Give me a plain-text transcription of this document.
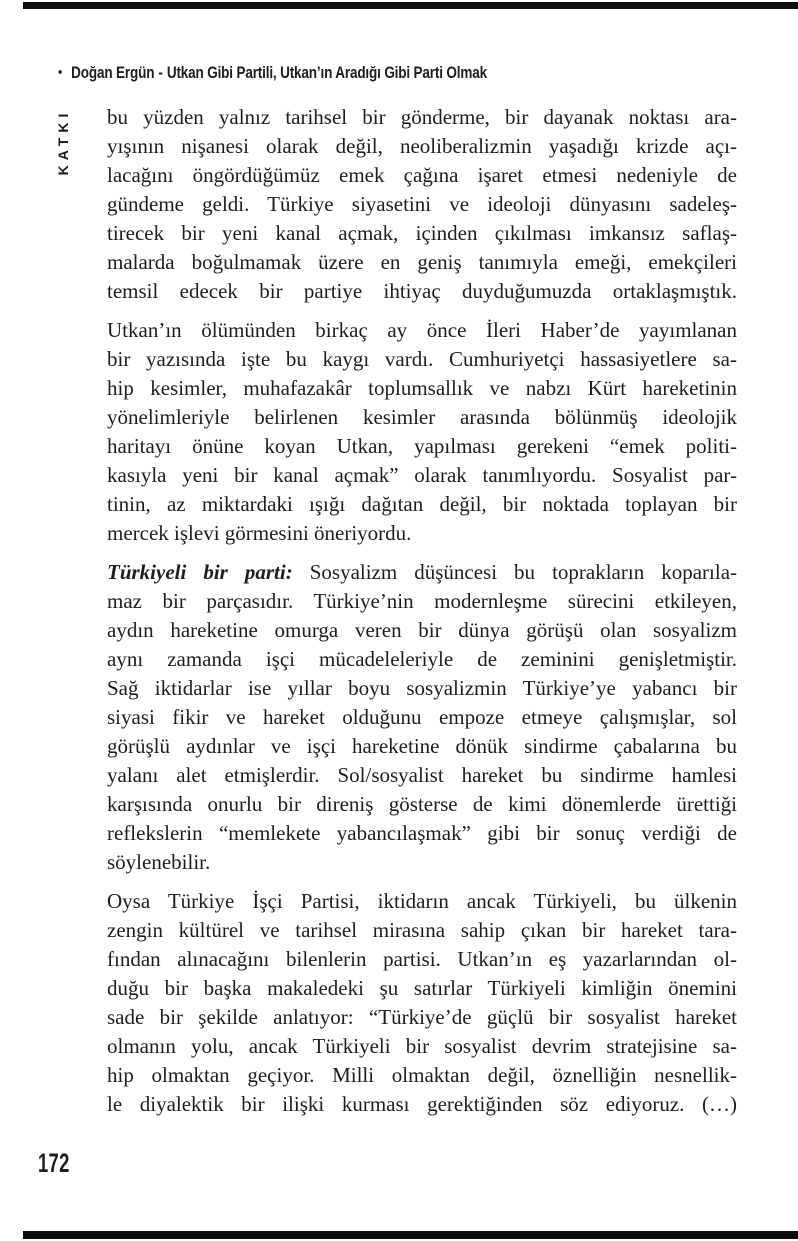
• Doğan Ergün - Utkan Gibi Partili, Utkan’ın Aradığı Gibi Parti Olmak
KATKI bu yüzden yalnız tarihsel bir gönderme, bir dayanak noktası ara-
yışının nişanesi olarak değil, neoliberalizmin yaşadığı krizde açı-
lacağını öngördüğümüz emek çağına işaret etmesi nedeniyle de
gündeme geldi. Türkiye siyasetini ve ideoloji dünyasını sadeleş-
tirecek bir yeni kanal açmak, içinden çıkılması imkansız saflaş-
malarda boğulmamak üzere en geniş tanımıyla emeği, emekçileri
temsil edecek bir partiye ihtiyaç duyduğumuzda ortaklaşmıştık.
Utkan’ın ölümünden birkaç ay önce İleri Haber’de yayımlanan
bir yazısında işte bu kaygı vardı. Cumhuriyetçi hassasiyetlere sa-
hip kesimler, muhafazakâr toplumsallık ve nabzı Kürt hareketinin
yönelimleriyle belirlenen kesimler arasında bölünmüş ideolojik
haritayı önüne koyan Utkan, yapılması gerekeni “emek politi-
kasıyla yeni bir kanal açmak” olarak tanımlıyordu. Sosyalist par-
tinin, az miktardaki ışığı dağıtan değil, bir noktada toplayan bir
mercek işlevi görmesini öneriyordu.
Türkiyeli bir parti: Sosyalizm düşüncesi bu toprakların koparıla-
maz bir parçasıdır. Türkiye’nin modernleşme sürecini etkileyen,
aydın hareketine omurga veren bir dünya görüşü olan sosyalizm
aynı zamanda işçi mücadeleleriyle de zeminini genişletmiştir.
Sağ iktidarlar ise yıllar boyu sosyalizmin Türkiye’ye yabancı bir
siyasi fikir ve hareket olduğunu empoze etmeye çalışmışlar, sol
görüşlü aydınlar ve işçi hareketine dönük sindirme çabalarına bu
yalanı alet etmişlerdir. Sol/sosyalist hareket bu sindirme hamlesi
karşısında onurlu bir direniş gösterse de kimi dönemlerde ürettiği
reflekslerin “memlekete yabancılaşmak” gibi bir sonuç verdiği de
söylenebilir.
Oysa Türkiye İşçi Partisi, iktidarın ancak Türkiyeli, bu ülkenin
zengin kültürel ve tarihsel mirasına sahip çıkan bir hareket tara-
fından alınacağını bilenlerin partisi. Utkan’ın eş yazarlarından ol-
duğu bir başka makaledeki şu satırlar Türkiyeli kimliğin önemini
sade bir şekilde anlatıyor: “Türkiye’de güçlü bir sosyalist hareket
olmanın yolu, ancak Türkiyeli bir sosyalist devrim stratejisine sa-
hip olmaktan geçiyor. Milli olmaktan değil, öznelliğin nesnellik-
le diyalektik bir ilişki kurması gerektiğinden söz ediyoruz. (…)
172
